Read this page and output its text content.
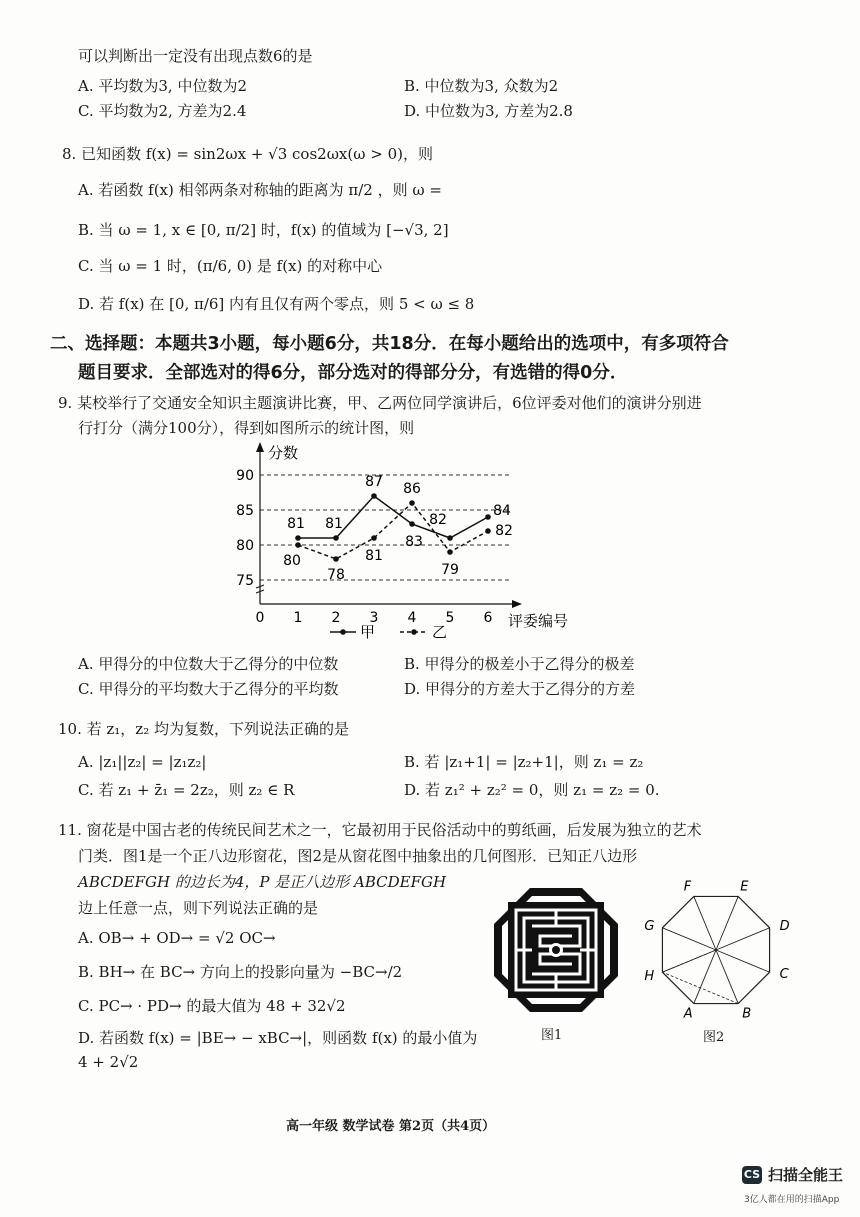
可以判断出一定没有出现点数6的是
A. 平均数为3, 中位数为2	B. 中位数为3, 众数为2
C. 平均数为2, 方差为2.4	D. 中位数为3, 方差为2.8
8. 已知函数 f(x) = sin2ωx + √3 cos2ωx(ω > 0)，则
A. 若函数 f(x) 相邻两条对称轴的距离为 π/2 ，则 ω =
B. 当 ω = 1, x ∈ [0, π/2] 时，f(x) 的值域为 [−√3, 2]
C. 当 ω = 1 时，(π/6, 0) 是 f(x) 的对称中心
D. 若 f(x) 在 [0, π/6] 内有且仅有两个零点，则 5 < ω ≤ 8
二、选择题：本题共3小题，每小题6分，共18分．在每小题给出的选项中，有多项符合
题目要求．全部选对的得6分，部分选对的得部分分，有选错的得0分．
9. 某校举行了交通安全知识主题演讲比赛，甲、乙两位同学演讲后，6位评委对他们的演讲分别进
行打分（满分100分），得到如图所示的统计图，则
75
80
85
90
0 1 2 3 4 5 6 评委编号
分数
81 81
87
83
84
80
78
81
86
79
82
82
甲	乙
A. 甲得分的中位数大于乙得分的中位数	B. 甲得分的极差小于乙得分的极差
C. 甲得分的平均数大于乙得分的平均数	D. 甲得分的方差大于乙得分的方差
10. 若 z₁，z₂ 均为复数，下列说法正确的是
A. |z₁||z₂| = |z₁z₂|	B. 若 |z₁+1| = |z₂+1|，则 z₁ = z₂
C. 若 z₁ + z̄₁ = 2z₂，则 z₂ ∈ R	D. 若 z₁² + z₂² = 0，则 z₁ = z₂ = 0.
11. 窗花是中国古老的传统民间艺术之一，它最初用于民俗活动中的剪纸画，后发展为独立的艺术
门类．图1是一个正八边形窗花，图2是从窗花图中抽象出的几何图形．已知正八边形
ABCDEFGH 的边长为4，P 是正八边形 ABCDEFGH
边上任意一点，则下列说法正确的是
A. OB→ + OD→ = √2 OC→
B. BH→ 在 BC→ 方向上的投影向量为 −BC→/2
C. PC→ · PD→ 的最大值为 48 + 32√2
D. 若函数 f(x) = |BE→ − xBC→|，则函数 f(x) 的最小值为
4 + 2√2
图1
A	B
C
D
E
F
G
H
图2
高一年级 数学试卷 第2页（共4页）
CS 扫描全能王
3亿人都在用的扫描App
